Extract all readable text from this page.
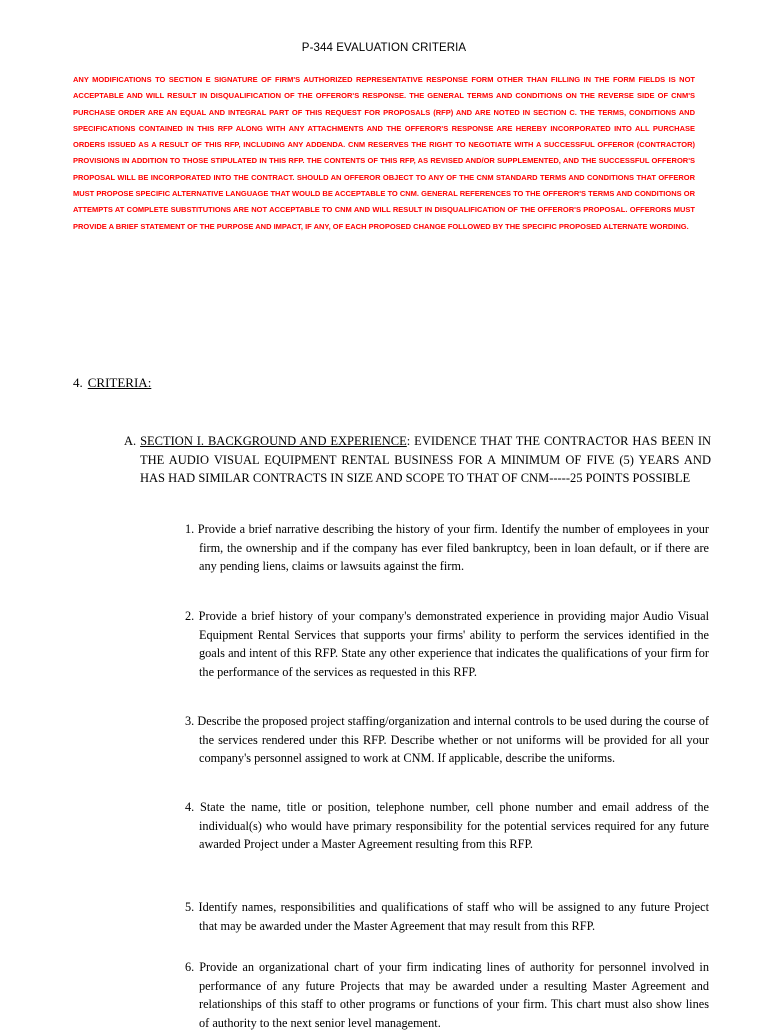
P-344 EVALUATION CRITERIA

ANY MODIFICATIONS TO SECTION E SIGNATURE OF FIRM'S AUTHORIZED REPRESENTATIVE RESPONSE FORM OTHER THAN FILLING IN THE FORM FIELDS IS NOT ACCEPTABLE AND WILL RESULT IN DISQUALIFICATION OF THE OFFEROR'S RESPONSE. THE GENERAL TERMS AND CONDITIONS ON THE REVERSE SIDE OF CNM'S PURCHASE ORDER ARE AN EQUAL AND INTEGRAL PART OF THIS REQUEST FOR PROPOSALS (RFP) AND ARE NOTED IN SECTION C. THE TERMS, CONDITIONS AND SPECIFICATIONS CONTAINED IN THIS RFP ALONG WITH ANY ATTACHMENTS AND THE OFFEROR'S RESPONSE ARE HEREBY INCORPORATED INTO ALL PURCHASE ORDERS ISSUED AS A RESULT OF THIS RFP, INCLUDING ANY ADDENDA. CNM RESERVES THE RIGHT TO NEGOTIATE WITH A SUCCESSFUL OFFEROR (CONTRACTOR) PROVISIONS IN ADDITION TO THOSE STIPULATED IN THIS RFP. THE CONTENTS OF THIS RFP, AS REVISED AND/OR SUPPLEMENTED, AND THE SUCCESSFUL OFFEROR'S PROPOSAL WILL BE INCORPORATED INTO THE CONTRACT. SHOULD AN OFFEROR OBJECT TO ANY OF THE CNM STANDARD TERMS AND CONDITIONS THAT OFFEROR MUST PROPOSE SPECIFIC ALTERNATIVE LANGUAGE THAT WOULD BE ACCEPTABLE TO CNM. GENERAL REFERENCES TO THE OFFEROR'S TERMS AND CONDITIONS OR ATTEMPTS AT COMPLETE SUBSTITUTIONS ARE NOT ACCEPTABLE TO CNM AND WILL RESULT IN DISQUALIFICATION OF THE OFFEROR'S PROPOSAL. OFFERORS MUST PROVIDE A BRIEF STATEMENT OF THE PURPOSE AND IMPACT, IF ANY, OF EACH PROPOSED CHANGE FOLLOWED BY THE SPECIFIC PROPOSED ALTERNATE WORDING.

4. CRITERIA:

A. SECTION I. BACKGROUND AND EXPERIENCE: EVIDENCE THAT THE CONTRACTOR HAS BEEN IN THE AUDIO VISUAL EQUIPMENT RENTAL BUSINESS FOR A MINIMUM OF FIVE (5) YEARS AND HAS HAD SIMILAR CONTRACTS IN SIZE AND SCOPE TO THAT OF CNM-----25 POINTS POSSIBLE

1. Provide a brief narrative describing the history of your firm. Identify the number of employees in your firm, the ownership and if the company has ever filed bankruptcy, been in loan default, or if there are any pending liens, claims or lawsuits against the firm.

2. Provide a brief history of your company's demonstrated experience in providing major Audio Visual Equipment Rental Services that supports your firms' ability to perform the services identified in the goals and intent of this RFP. State any other experience that indicates the qualifications of your firm for the performance of the services as requested in this RFP.

3. Describe the proposed project staffing/organization and internal controls to be used during the course of the services rendered under this RFP. Describe whether or not uniforms will be provided for all your company's personnel assigned to work at CNM. If applicable, describe the uniforms.

4. State the name, title or position, telephone number, cell phone number and email address of the individual(s) who would have primary responsibility for the potential services required for any future awarded Project under a Master Agreement resulting from this RFP.

5. Identify names, responsibilities and qualifications of staff who will be assigned to any future Project that may be awarded under the Master Agreement that may result from this RFP.

6. Provide an organizational chart of your firm indicating lines of authority for personnel involved in performance of any future Projects that may be awarded under a resulting Master Agreement and relationships of this staff to other programs or functions of your firm. This chart must also show lines of authority to the next senior level management.
